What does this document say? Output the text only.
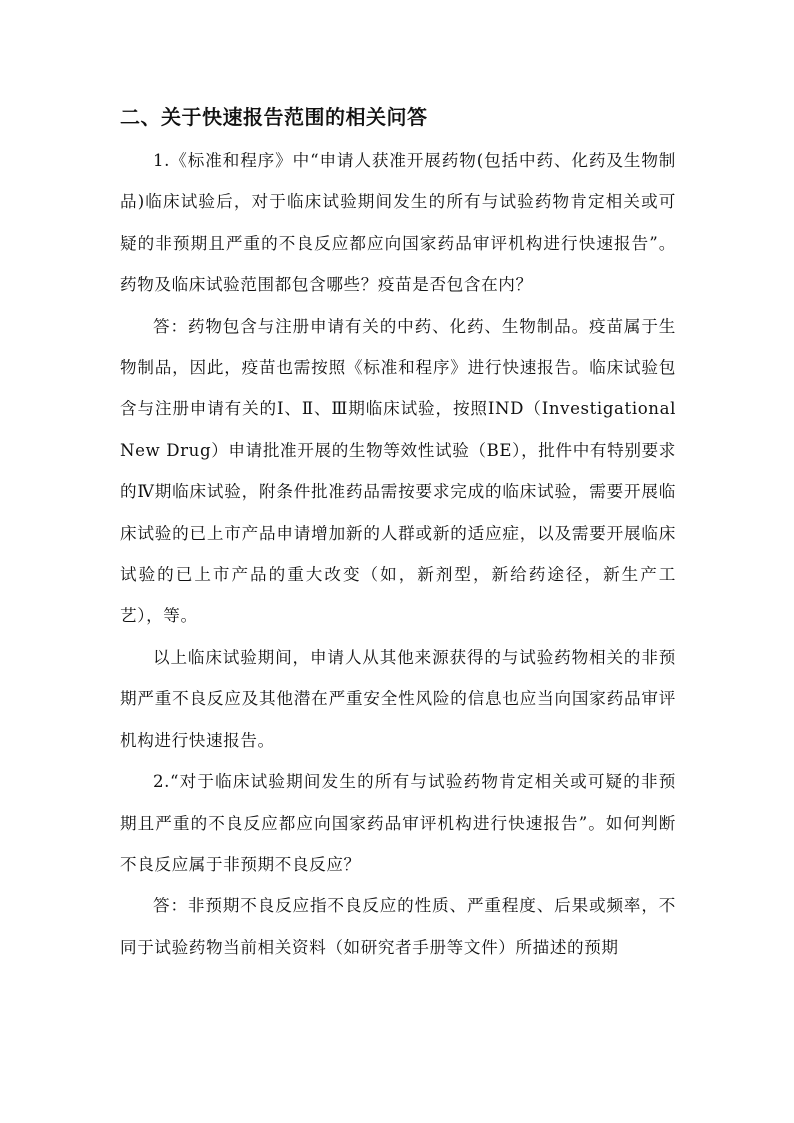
二、关于快速报告范围的相关问答

1.《标准和程序》中“申请人获准开展药物(包括中药、化药及生物制品)临床试验后，对于临床试验期间发生的所有与试验药物肯定相关或可疑的非预期且严重的不良反应都应向国家药品审评机构进行快速报告”。药物及临床试验范围都包含哪些？疫苗是否包含在内？

答：药物包含与注册申请有关的中药、化药、生物制品。疫苗属于生物制品，因此，疫苗也需按照《标准和程序》进行快速报告。临床试验包含与注册申请有关的Ⅰ、Ⅱ、Ⅲ期临床试验，按照IND（Investigational New Drug）申请批准开展的生物等效性试验（BE），批件中有特别要求的Ⅳ期临床试验，附条件批准药品需按要求完成的临床试验，需要开展临床试验的已上市产品申请增加新的人群或新的适应症，以及需要开展临床试验的已上市产品的重大改变（如，新剂型，新给药途径，新生产工艺），等。

以上临床试验期间，申请人从其他来源获得的与试验药物相关的非预期严重不良反应及其他潜在严重安全性风险的信息也应当向国家药品审评机构进行快速报告。

2.“对于临床试验期间发生的所有与试验药物肯定相关或可疑的非预期且严重的不良反应都应向国家药品审评机构进行快速报告”。如何判断不良反应属于非预期不良反应？

答：非预期不良反应指不良反应的性质、严重程度、后果或频率，不同于试验药物当前相关资料（如研究者手册等文件）所描述的预期
